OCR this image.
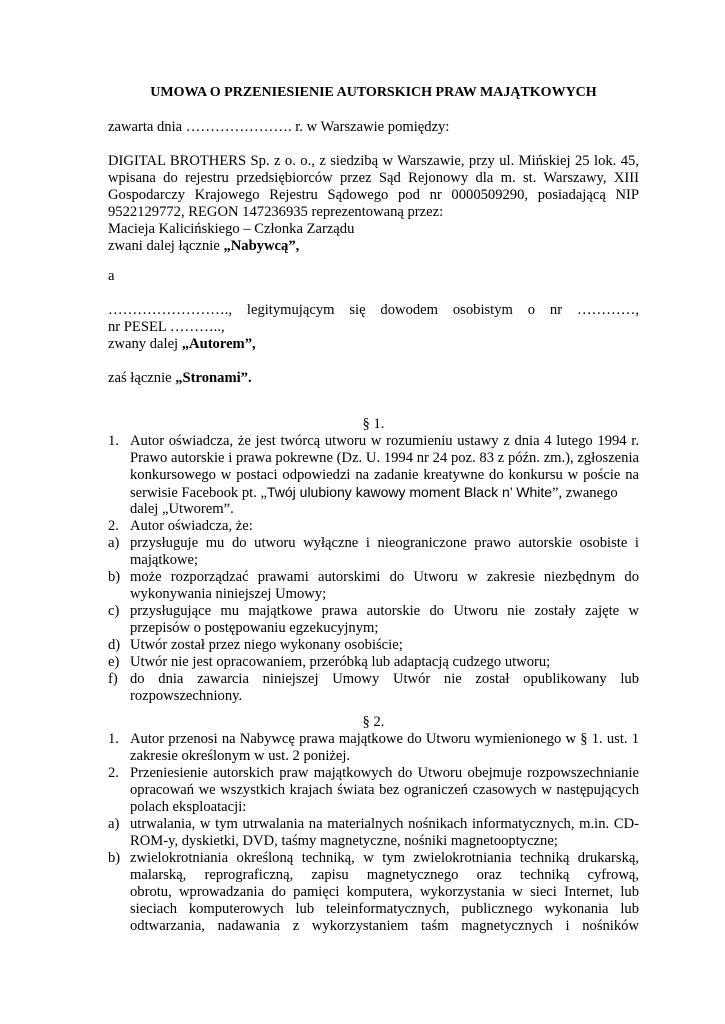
UMOWA O PRZENIESIENIE AUTORSKICH PRAW MAJĄTKOWYCH
zawarta dnia …………………. r. w Warszawie pomiędzy:
DIGITAL BROTHERS Sp. z o. o., z siedzibą w Warszawie, przy ul. Mińskiej 25 lok. 45,
wpisana do rejestru przedsiębiorców przez Sąd Rejonowy dla m. st. Warszawy, XIII
Gospodarczy Krajowego Rejestru Sądowego pod nr 0000509290, posiadającą NIP
9522129772, REGON 147236935 reprezentowaną przez:
Macieja Kalicińskiego – Członka Zarządu
zwani dalej łącznie „Nabywcą”,
a
……………………., legitymującym się dowodem osobistym o nr …………,
nr PESEL ………..,
zwany dalej „Autorem”,
zaś łącznie „Stronami”.
§ 1.
1. Autor oświadcza, że jest twórcą utworu w rozumieniu ustawy z dnia 4 lutego 1994 r.
Prawo autorskie i prawa pokrewne (Dz. U. 1994 nr 24 poz. 83 z późn. zm.), zgłoszenia
konkursowego w postaci odpowiedzi na zadanie kreatywne do konkursu w poście na
serwisie Facebook pt. „Twój ulubiony kawowy moment Black n’ White”, zwanego
dalej „Utworem”.
2. Autor oświadcza, że:
a) przysługuje mu do utworu wyłączne i nieograniczone prawo autorskie osobiste i
majątkowe;
b) może rozporządzać prawami autorskimi do Utworu w zakresie niezbędnym do
wykonywania niniejszej Umowy;
c) przysługujące mu majątkowe prawa autorskie do Utworu nie zostały zajęte w
przepisów o postępowaniu egzekucyjnym;
d) Utwór został przez niego wykonany osobiście;
e) Utwór nie jest opracowaniem, przeróbką lub adaptacją cudzego utworu;
f) do dnia zawarcia niniejszej Umowy Utwór nie został opublikowany lub
rozpowszechniony.
§ 2.
1. Autor przenosi na Nabywcę prawa majątkowe do Utworu wymienionego w § 1. ust. 1
zakresie określonym w ust. 2 poniżej.
2. Przeniesienie autorskich praw majątkowych do Utworu obejmuje rozpowszechnianie
opracowań we wszystkich krajach świata bez ograniczeń czasowych w następujących
polach eksploatacji:
a) utrwalania, w tym utrwalania na materialnych nośnikach informatycznych, m.in. CD-
ROM-y, dyskietki, DVD, taśmy magnetyczne, nośniki magnetooptyczne;
b) zwielokrotniania określoną techniką, w tym zwielokrotniania techniką drukarską,
malarską, reprograficzną, zapisu magnetycznego oraz techniką cyfrową,
obrotu, wprowadzania do pamięci komputera, wykorzystania w sieci Internet, lub
sieciach komputerowych lub teleinformatycznych, publicznego wykonania lub
odtwarzania, nadawania z wykorzystaniem taśm magnetycznych i nośników
